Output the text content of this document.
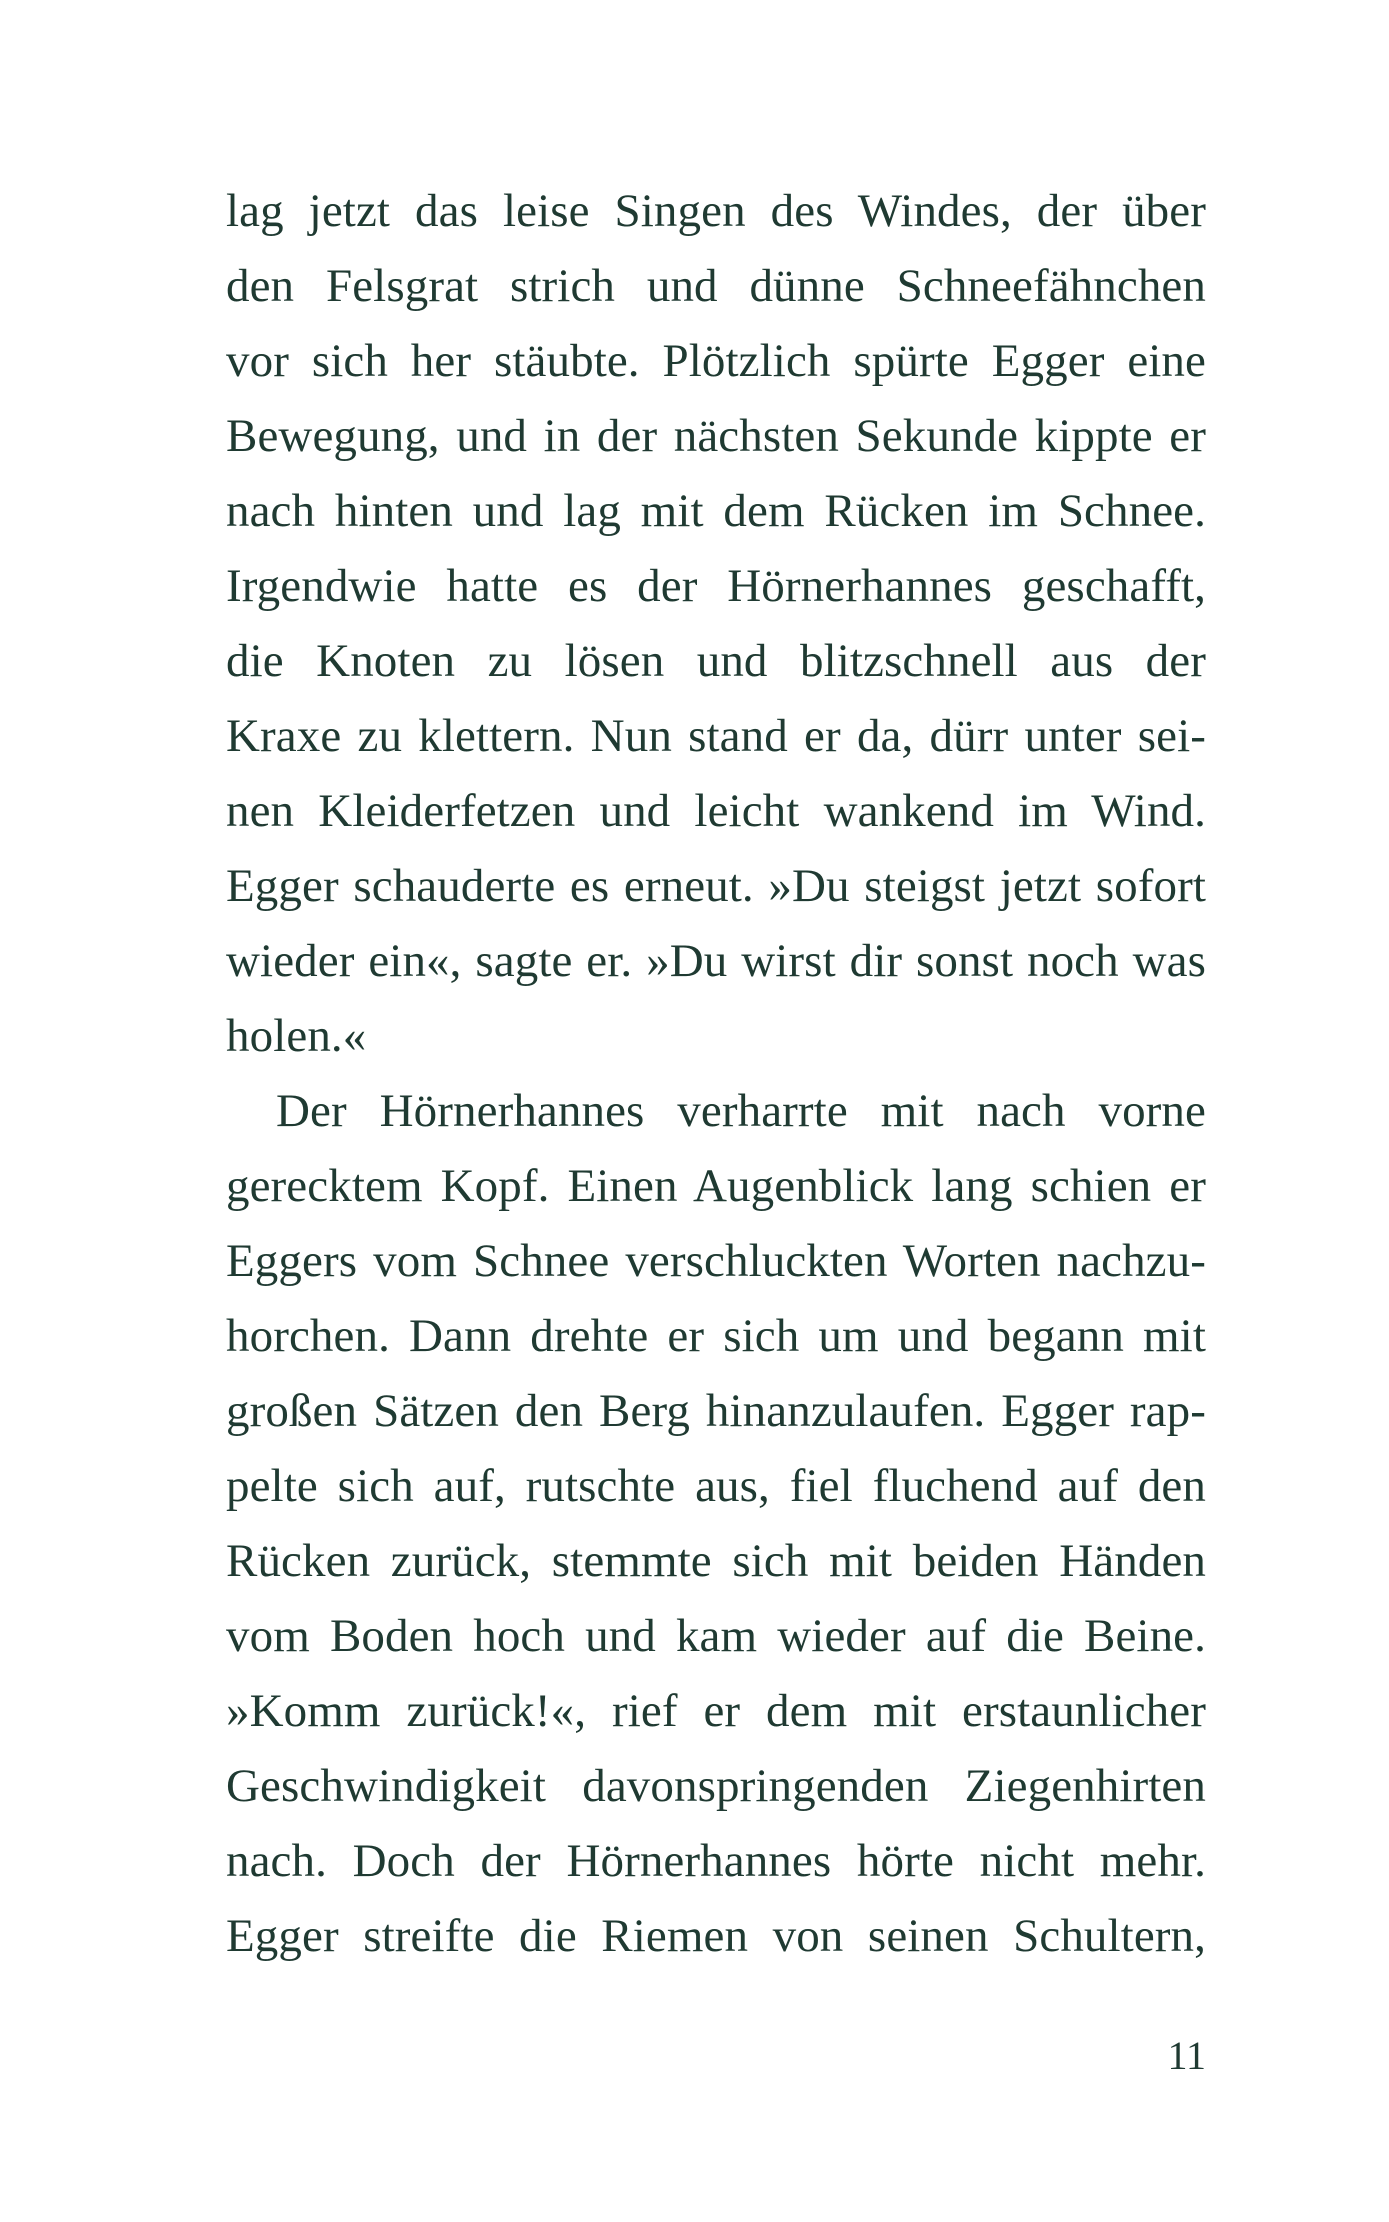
lag jetzt das leise Singen des Windes, der über
den Felsgrat strich und dünne Schneefähnchen
vor sich her stäubte. Plötzlich spürte Egger eine
Bewegung, und in der nächsten Sekunde kippte er
nach hinten und lag mit dem Rücken im Schnee.
Irgendwie hatte es der Hörnerhannes geschafft,
die Knoten zu lösen und blitzschnell aus der
Kraxe zu klettern. Nun stand er da, dürr unter sei-
nen Kleiderfetzen und leicht wankend im Wind.
Egger schauderte es erneut. »Du steigst jetzt sofort
wieder ein«, sagte er. »Du wirst dir sonst noch was
holen.«
Der Hörnerhannes verharrte mit nach vorne
gerecktem Kopf. Einen Augenblick lang schien er
Eggers vom Schnee verschluckten Worten nachzu-
horchen. Dann drehte er sich um und begann mit
großen Sätzen den Berg hinanzulaufen. Egger rap-
pelte sich auf, rutschte aus, fiel fluchend auf den
Rücken zurück, stemmte sich mit beiden Händen
vom Boden hoch und kam wieder auf die Beine.
»Komm zurück!«, rief er dem mit erstaunlicher
Geschwindigkeit davonspringenden Ziegenhirten
nach. Doch der Hörnerhannes hörte nicht mehr.
Egger streifte die Riemen von seinen Schultern,
11
